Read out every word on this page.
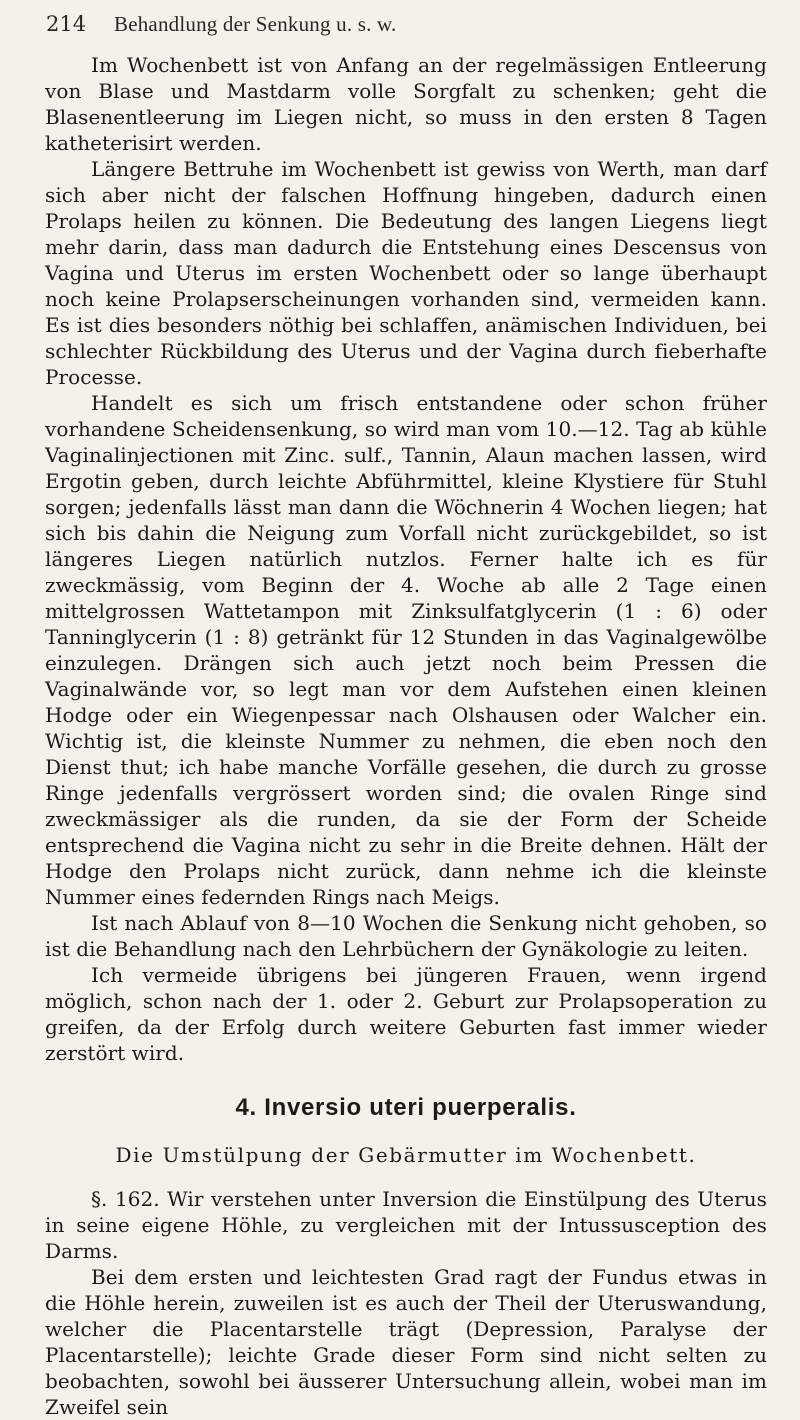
214 Behandlung der Senkung u. s. w.

Im Wochenbett ist von Anfang an der regelmässigen Entleerung von Blase und Mastdarm volle Sorgfalt zu schenken; geht die Blasenentleerung im Liegen nicht, so muss in den ersten 8 Tagen katheterisirt werden.

Längere Bettruhe im Wochenbett ist gewiss von Werth, man darf sich aber nicht der falschen Hoffnung hingeben, dadurch einen Prolaps heilen zu können. Die Bedeutung des langen Liegens liegt mehr darin, dass man dadurch die Entstehung eines Descensus von Vagina und Uterus im ersten Wochenbett oder so lange überhaupt noch keine Prolapserscheinungen vorhanden sind, vermeiden kann. Es ist dies besonders nöthig bei schlaffen, anämischen Individuen, bei schlechter Rückbildung des Uterus und der Vagina durch fieberhafte Processe.

Handelt es sich um frisch entstandene oder schon früher vorhandene Scheidensenkung, so wird man vom 10.—12. Tag ab kühle Vaginalinjectionen mit Zinc. sulf., Tannin, Alaun machen lassen, wird Ergotin geben, durch leichte Abführmittel, kleine Klystiere für Stuhl sorgen; jedenfalls lässt man dann die Wöchnerin 4 Wochen liegen; hat sich bis dahin die Neigung zum Vorfall nicht zurückgebildet, so ist längeres Liegen natürlich nutzlos. Ferner halte ich es für zweckmässig, vom Beginn der 4. Woche ab alle 2 Tage einen mittelgrossen Wattetampon mit Zinksulfatglycerin (1 : 6) oder Tanninglycerin (1 : 8) getränkt für 12 Stunden in das Vaginalgewölbe einzulegen. Drängen sich auch jetzt noch beim Pressen die Vaginalwände vor, so legt man vor dem Aufstehen einen kleinen Hodge oder ein Wiegenpessar nach Olshausen oder Walcher ein. Wichtig ist, die kleinste Nummer zu nehmen, die eben noch den Dienst thut; ich habe manche Vorfälle gesehen, die durch zu grosse Ringe jedenfalls vergrössert worden sind; die ovalen Ringe sind zweckmässiger als die runden, da sie der Form der Scheide entsprechend die Vagina nicht zu sehr in die Breite dehnen. Hält der Hodge den Prolaps nicht zurück, dann nehme ich die kleinste Nummer eines federnden Rings nach Meigs.

Ist nach Ablauf von 8—10 Wochen die Senkung nicht gehoben, so ist die Behandlung nach den Lehrbüchern der Gynäkologie zu leiten.

Ich vermeide übrigens bei jüngeren Frauen, wenn irgend möglich, schon nach der 1. oder 2. Geburt zur Prolapsoperation zu greifen, da der Erfolg durch weitere Geburten fast immer wieder zerstört wird.

4. Inversio uteri puerperalis.
Die Umstülpung der Gebärmutter im Wochenbett.

§. 162. Wir verstehen unter Inversion die Einstülpung des Uterus in seine eigene Höhle, zu vergleichen mit der Intussusception des Darms.

Bei dem ersten und leichtesten Grad ragt der Fundus etwas in die Höhle herein, zuweilen ist es auch der Theil der Uteruswandung, welcher die Placentarstelle trägt (Depression, Paralyse der Placentarstelle); leichte Grade dieser Form sind nicht selten zu beobachten, sowohl bei äusserer Untersuchung allein, wobei man im Zweifel sein
